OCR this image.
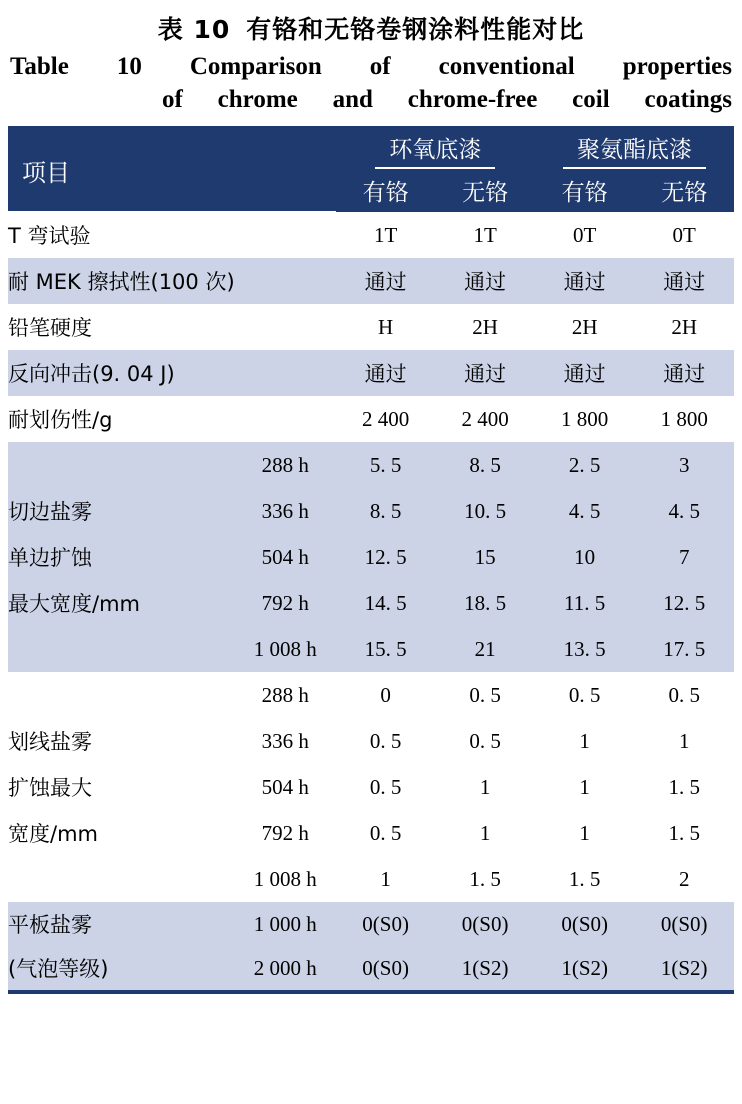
表 10 有铬和无铬卷钢涂料性能对比
Table 10 Comparison of conventional properties
of chrome and chrome-free coil coatings
项目		环氧底漆		聚氨酯底漆	
		有铬	无铬	有铬	无铬
T 弯试验		1T	1T	0T	0T
耐 MEK 擦拭性(100 次)		通过	通过	通过	通过
铅笔硬度		H	2H	2H	2H
反向冲击(9. 04 J)		通过	通过	通过	通过
耐划伤性/g		2 400	2 400	1 800	1 800
	288 h	5. 5	8. 5	2. 5	3
切边盐雾	336 h	8. 5	10. 5	4. 5	4. 5
单边扩蚀	504 h	12. 5	15	10	7
最大宽度/mm	792 h	14. 5	18. 5	11. 5	12. 5
	1 008 h	15. 5	21	13. 5	17. 5
	288 h	0	0. 5	0. 5	0. 5
划线盐雾	336 h	0. 5	0. 5	1	1
扩蚀最大	504 h	0. 5	1	1	1. 5
宽度/mm	792 h	0. 5	1	1	1. 5
	1 008 h	1	1. 5	1. 5	2
平板盐雾	1 000 h	0(S0)	0(S0)	0(S0)	0(S0)
(气泡等级)	2 000 h	0(S0)	1(S2)	1(S2)	1(S2)
